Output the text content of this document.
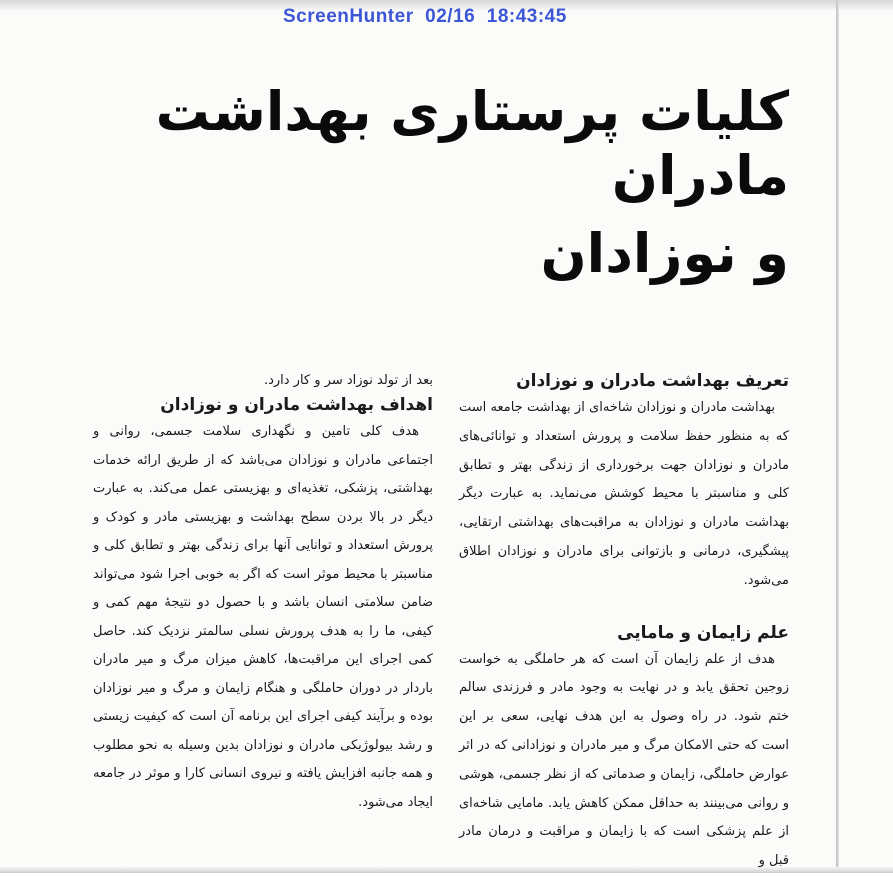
ScreenHunter  02/16  18:43:45
کلیات پرستاری بهداشت مادران
و نوزادان
تعریف بهداشت مادران و نوزادان

بهداشت مادران و نوزادان شاخه‌ای از بهداشت جامعه است که به منظور حفظ سلامت و پرورش استعداد و توانائی‌های مادران و نوزادان جهت برخورداری از زندگی بهتر و تطابق کلی و مناسبتر با محیط کوشش می‌نماید. به عبارت دیگر بهداشت مادران و نوزادان به مراقبت‌های بهداشتی ارتقایی، پیشگیری، درمانی و بازتوانی برای مادران و نوزادان اطلاق می‌شود.

علم زایمان و مامایی

هدف از علم زایمان آن است که هر حاملگی به خواست زوجین تحقق یابد و در نهایت به وجود مادر و فرزندی سالم ختم شود. در راه وصول به این هدف نهایی، سعی بر این است که حتی الامکان مرگ و میر مادران و نوزادانی که در اثر عوارض حاملگی، زایمان و صدماتی که از نظر جسمی، هوشی و روانی می‌بینند به حداقل ممکن کاهش یابد. مامایی شاخه‌ای از علم پزشکی است که با زایمان و مراقبت و درمان مادر قبل و

بعد از تولد نوزاد سر و کار دارد.

اهداف بهداشت مادران و نوزادان

هدف کلی تامین و نگهداری سلامت جسمی، روانی و اجتماعی مادران و نوزادان می‌باشد که از طریق ارائه خدمات بهداشتی، پزشکی، تغذیه‌ای و بهزیستی عمل می‌کند. به عبارت دیگر در بالا بردن سطح بهداشت و بهزیستی مادر و کودک و پرورش استعداد و توانایی آنها برای زندگی بهتر و تطابق کلی و مناسبتر با محیط موثر است که اگر به خوبی اجرا شود می‌تواند ضامن سلامتی انسان باشد و با حصول دو نتیجهٔ مهم کمی و کیفی، ما را به هدف پرورش نسلی سالمتر نزدیک کند. حاصل کمی اجرای این مراقبت‌ها، کاهش میزان مرگ و میر مادران باردار در دوران حاملگی و هنگام زایمان و مرگ و میر نوزادان بوده و برآیند کیفی اجرای این برنامه آن است که کیفیت زیستی و رشد بیولوژیکی مادران و نوزادان بدین وسیله به نحو مطلوب و همه جانبه افزایش یافته و نیروی انسانی کارا و موثر در جامعه ایجاد می‌شود.
